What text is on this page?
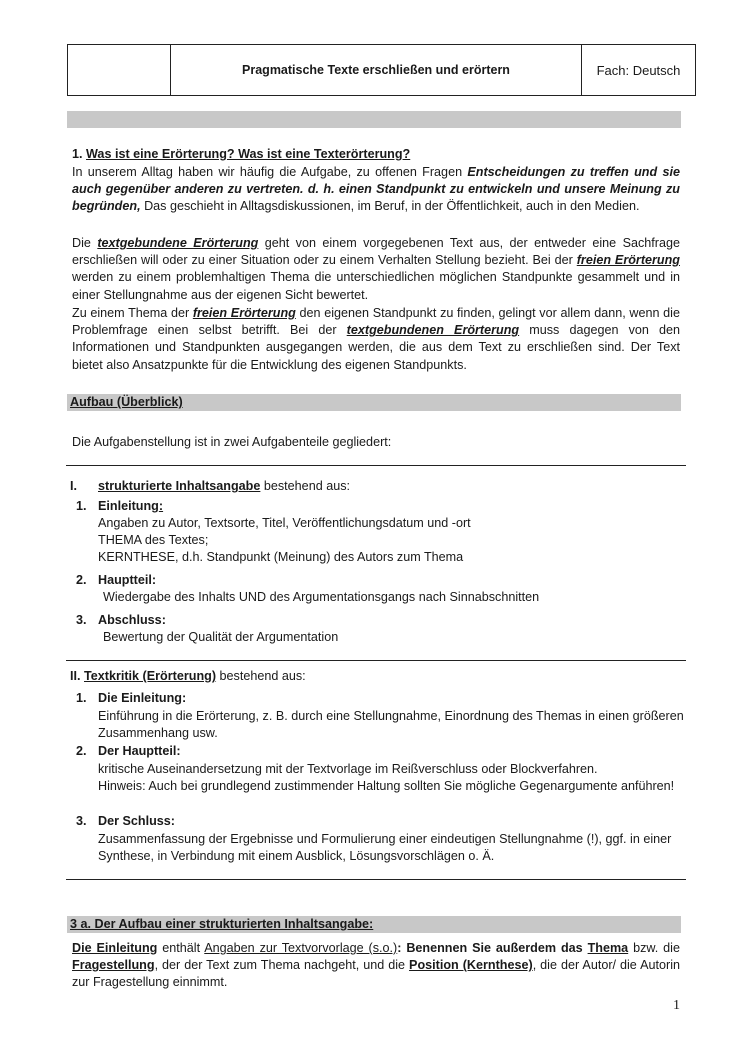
Pragmatische Texte erschließen und erörtern	Fach: Deutsch
1. Was ist eine Erörterung? Was ist eine Texterörterung?
In unserem Alltag haben wir häufig die Aufgabe, zu offenen Fragen Entscheidungen zu treffen und sie auch gegenüber anderen zu vertreten. d. h. einen Standpunkt zu entwickeln und unsere Meinung zu begründen, Das geschieht in Alltagsdiskussionen, im Beruf, in der Öffentlichkeit, auch in den Medien.
Die textgebundene Erörterung geht von einem vorgegebenen Text aus, der entweder eine Sachfrage erschließen will oder zu einer Situation oder zu einem Verhalten Stellung bezieht. Bei der freien Erörterung werden zu einem problemhaltigen Thema die unterschiedlichen möglichen Standpunkte gesammelt und in einer Stellungnahme aus der eigenen Sicht bewertet.
Zu einem Thema der freien Erörterung den eigenen Standpunkt zu finden, gelingt vor allem dann, wenn die Problemfrage einen selbst betrifft. Bei der textgebundenen Erörterung muss dagegen von den Informationen und Standpunkten ausgegangen werden, die aus dem Text zu erschließen sind. Der Text bietet also Ansatzpunkte für die Entwicklung des eigenen Standpunkts.
Aufbau (Überblick)
Die Aufgabenstellung ist in zwei Aufgabenteile gegliedert:
I. strukturierte Inhaltsangabe bestehend aus:
1. Einleitung:
Angaben zu Autor, Textsorte, Titel, Veröffentlichungsdatum und -ort
THEMA des Textes;
KERNTHESE, d.h. Standpunkt (Meinung) des Autors zum Thema
2. Hauptteil:
Wiedergabe des Inhalts UND des Argumentationsgangs nach Sinnabschnitten
3. Abschluss:
Bewertung der Qualität der Argumentation
II. Textkritik (Erörterung) bestehend aus:
1. Die Einleitung:
Einführung in die Erörterung, z. B. durch eine Stellungnahme, Einordnung des Themas in einen größeren Zusammenhang usw.
2. Der Hauptteil:
kritische Auseinandersetzung mit der Textvorlage im Reißverschluss oder Blockverfahren.
Hinweis: Auch bei grundlegend zustimmender Haltung sollten Sie mögliche Gegenargumente anführen!
3. Der Schluss:
Zusammenfassung der Ergebnisse und Formulierung einer eindeutigen Stellungnahme (!), ggf. in einer Synthese, in Verbindung mit einem Ausblick, Lösungsvorschlägen o. Ä.
3 a. Der Aufbau einer strukturierten Inhaltsangabe:
Die Einleitung enthält Angaben zur Textvorvorlage (s.o.): Benennen Sie außerdem das Thema bzw. die Fragestellung, der der Text zum Thema nachgeht, und die Position (Kernthese), die der Autor/ die Autorin zur Fragestellung einnimmt.
1
